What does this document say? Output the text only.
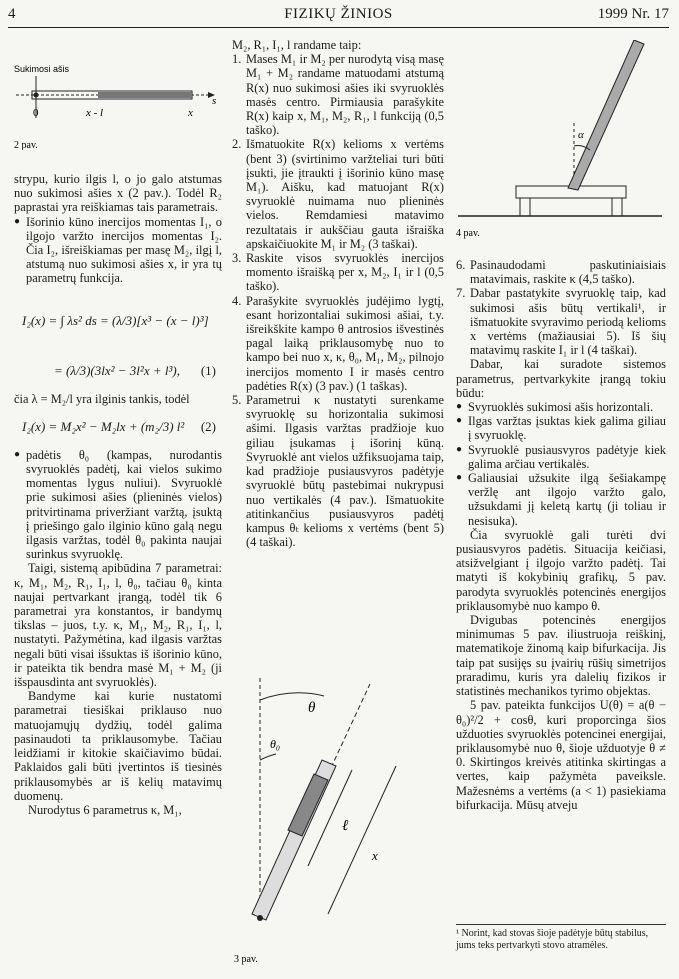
4	FIZIKŲ ŽINIOS	1999 Nr. 17
Sukimosi ašis
0	x - l	x
s
2 pav.

strypu, kurio ilgis l, o jo galo atstumas nuo sukimosi ašies x (2 pav.). Todėl R₂ paprastai yra reiškiamas tais parametrais.

● Išorinio kūno inercijos momentas I₁, o ilgojo varžto inercijos momentas I₂. Čia I₂, išreiškiamas per masę M₂, ilgį l, atstumą nuo sukimosi ašies x, ir yra tų parametrų funkcija.

I₂(x) = ∫ λs² ds = (λ/3)[x³ − (x − l)³]
= (λ/3)(3lx² − 3l²x + l³), (1)

čia λ = M₂/l yra ilginis tankis, todėl

I₂(x) = M₂x² − M₂lx + (m₂/3) l² (2)

● padėtis θ₀ (kampas, nurodantis svyruoklės padėtį, kai vielos sukimo momentas lygus nuliui). Svyruoklė prie sukimosi ašies (plieninės vielos) pritvirtinama priveržiant varžtą, įsuktą į priešingo galo ilginio kūno galą negu ilgasis varžtas, todėl θ₀ pakinta naujai surinkus svyruoklę.

Taigi, sistemą apibūdina 7 parametrai: κ, M₁, M₂, R₁, I₁, l, θ₀, tačiau θ₀ kinta naujai pertvarkant įrangą, todėl tik 6 parametrai yra konstantos, ir bandymų tikslas – juos, t.y. κ, M₁, M₂, R₁, I₁, l, nustatyti. Pažymėtina, kad ilgasis varžtas negali būti visai išsuktas iš išorinio kūno, ir pateikta tik bendra masė M₁ + M₂ (ji išspausdinta ant svyruoklės).

Bandyme kai kurie nustatomi parametrai tiesiškai priklauso nuo matuojamųjų dydžių, todėl galima pasinaudoti ta priklausomybe. Tačiau leidžiami ir kitokie skaičiavimo būdai. Paklaidos gali būti įvertintos iš tiesinės priklausomybės ar iš kelių matavimų duomenų.

Nurodytus 6 parametrus κ, M₁,

M₂, R₁, I₁, l randame taip:

1. Mases M₁ ir M₂ per nurodytą visą masę M₁ + M₂ randame matuodami atstumą R(x) nuo sukimosi ašies iki svyruoklės masės centro. Pirmiausia parašykite R(x) kaip x, M₁, M₂, R₁, l funkciją (0,5 taško).

2. Išmatuokite R(x) kelioms x vertėms (bent 3) (svirtinimo varžteliai turi būti įsukti, jie įtraukti į išorinio kūno masę M₁). Aišku, kad matuojant R(x) svyruoklė nuimama nuo plieninės vielos. Remdamiesi matavimo rezultatais ir aukščiau gauta išraiška apskaičiuokite M₁ ir M₂ (3 taškai).

3. Raskite visos svyruoklės inercijos momento išraišką per x, M₂, I₁ ir l (0,5 taško).

4. Parašykite svyruoklės judėjimo lygtį, esant horizontaliai sukimosi ašiai, t.y. išreikškite kampo θ antrosios išvestinės pagal laiką priklausomybę nuo to kampo bei nuo x, κ, θ₀, M₁, M₂, pilnojo inercijos momento I ir masės centro padėties R(x) (3 pav.) (1 taškas).

5. Parametrui κ nustatyti surenkame svyruoklę su horizontalia sukimosi ašimi. Ilgasis varžtas pradžioje kuo giliau įsukamas į išorinį kūną. Svyruoklė ant vielos užfiksuojama taip, kad pradžioje pusiausvyros padėtyje svyruoklė būtų pastebimai nukrypusi nuo vertikalės (4 pav.). Išmatuokite atitinkančius pusiausvyros padėtį kampus θₜ kelioms x vertėms (bent 5) (4 taškai).

θ
θ₀
ℓ
x
3 pav.
α
4 pav.

6. Pasinaudodami paskutiniaisiais matavimais, raskite κ (4,5 taško).

7. Dabar pastatykite svyruoklę taip, kad sukimosi ašis būtų vertikali¹, ir išmatuokite svyravimo periodą kelioms x vertėms (mažiausiai 5). Iš šių matavimų raskite I₁ ir l (4 taškai).

Dabar, kai suradote sistemos parametrus, pertvarkykite įrangą tokiu būdu:

● Svyruoklės sukimosi ašis horizontali.

● Ilgas varžtas įsuktas kiek galima giliau į svyruoklę.

● Svyruoklė pusiausvyros padėtyje kiek galima arčiau vertikalės.

● Galiausiai užsukite ilgą šešiakampę veržlę ant ilgojo varžto galo, užsukdami jį keletą kartų (ji toliau ir nesisuka).

Čia svyruoklė gali turėti dvi pusiausvyros padėtis. Situacija keičiasi, atsižvelgiant į ilgojo varžto padėtį. Tai matyti iš kokybinių grafikų, 5 pav. parodyta svyruoklės potencinės energijos priklausomybė nuo kampo θ.

Dvigubas potencinės energijos minimumas 5 pav. iliustruoja reiškinį, matematikoje žinomą kaip bifurkacija. Jis taip pat susijęs su įvairių rūšių simetrijos praradimu, kuris yra dalelių fizikos ir statistinės mechanikos tyrimo objektas.

5 pav. pateikta funkcijos U(θ) = a(θ − θ₀)²/2 + cosθ, kuri proporcinga šios užduoties svyruoklės potencinei energijai, priklausomybė nuo θ, šioje užduotyje θ ≠ 0. Skirtingos kreivės atitinka skirtingas a vertes, kaip pažymėta paveiksle. Mažesnėms a vertėms (a < 1) pasiekiama bifurkacija. Mūsų atveju

¹ Norint, kad stovas šioje padėtyje būtų stabilus, jums teks pertvarkyti stovo atramėles.
